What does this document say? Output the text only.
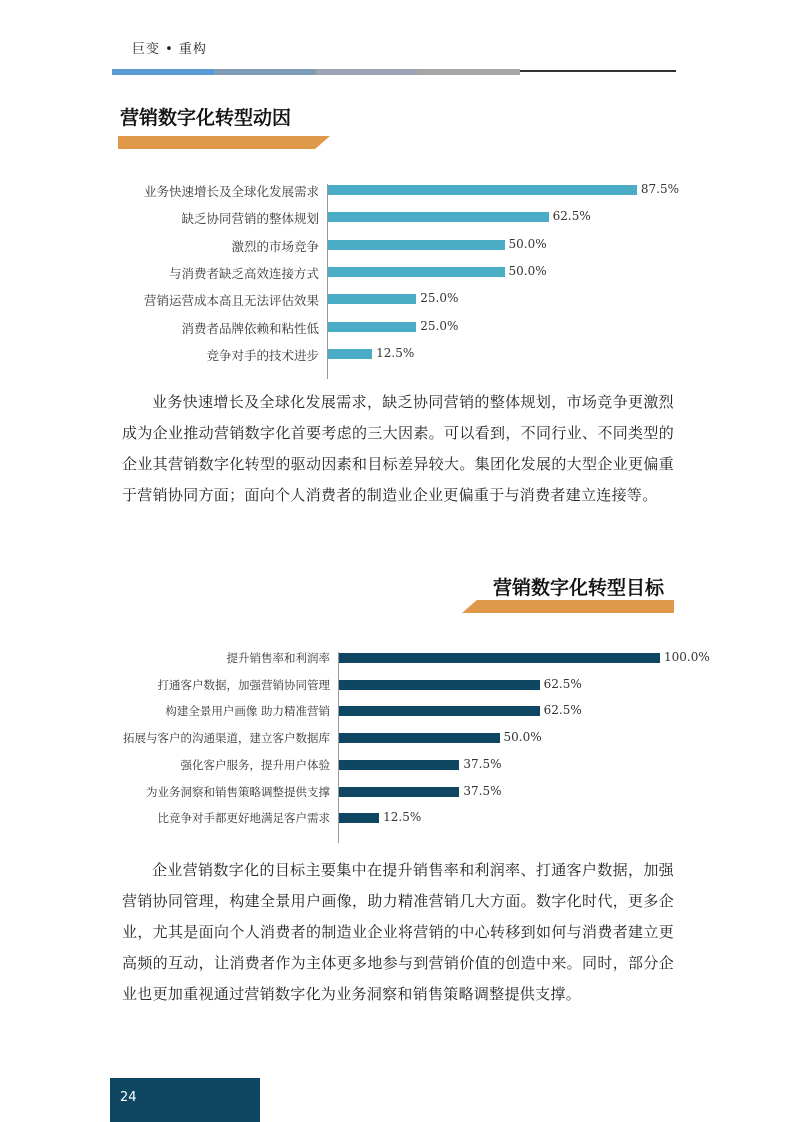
巨变 • 重构
营销数字化转型动因
业务快速增长及全球化发展需求	87.5%
缺乏协同营销的整体规划	62.5%
激烈的市场竞争	50.0%
与消费者缺乏高效连接方式	50.0%
营销运营成本高且无法评估效果	25.0%
消费者品牌依赖和粘性低	25.0%
竞争对手的技术进步	12.5%
业务快速增长及全球化发展需求，缺乏协同营销的整体规划，市场竞争更激烈成为企业推动营销数字化首要考虑的三大因素。可以看到，不同行业、不同类型的企业其营销数字化转型的驱动因素和目标差异较大。集团化发展的大型企业更偏重于营销协同方面；面向个人消费者的制造业企业更偏重于与消费者建立连接等。
营销数字化转型目标
提升销售率和利润率	100.0%
打通客户数据，加强营销协同管理	62.5%
构建全景用户画像 助力精准营销	62.5%
拓展与客户的沟通渠道，建立客户数据库	50.0%
强化客户服务，提升用户体验	37.5%
为业务洞察和销售策略调整提供支撑	37.5%
比竞争对手都更好地满足客户需求	12.5%
企业营销数字化的目标主要集中在提升销售率和利润率、打通客户数据，加强营销协同管理，构建全景用户画像，助力精准营销几大方面。数字化时代，更多企业，尤其是面向个人消费者的制造业企业将营销的中心转移到如何与消费者建立更高频的互动，让消费者作为主体更多地参与到营销价值的创造中来。同时，部分企业也更加重视通过营销数字化为业务洞察和销售策略调整提供支撑。
24
